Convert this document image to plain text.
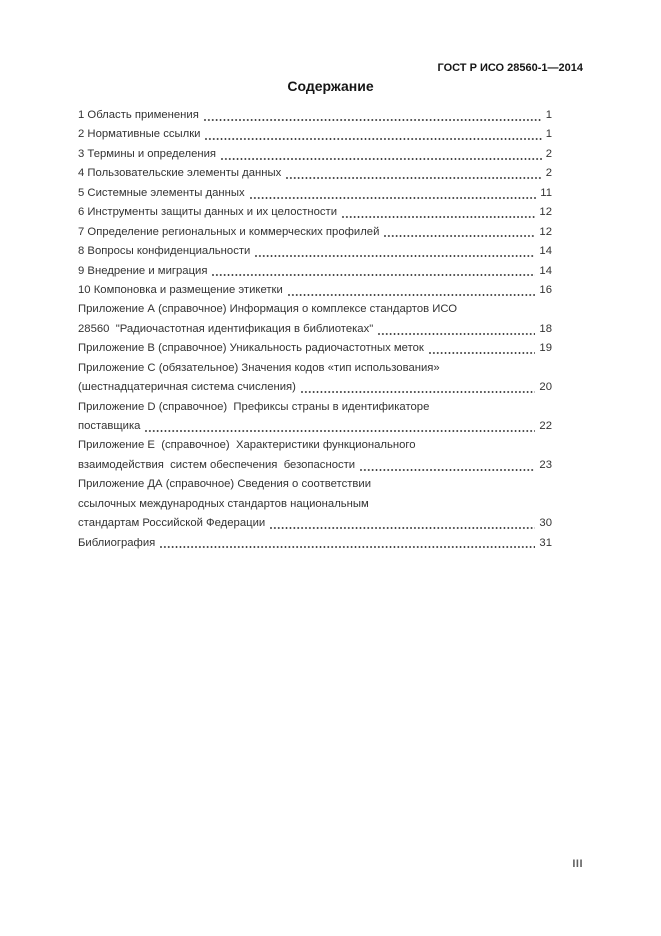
ГОСТ Р ИСО 28560-1—2014
Содержание
1 Область применения	1
2 Нормативные ссылки	1
3 Термины и определения	2
4 Пользовательские элементы данных	2
5 Системные элементы данных	11
6 Инструменты защиты данных и их целостности	12
7 Определение региональных и коммерческих профилей	12
8 Вопросы конфиденциальности	14
9 Внедрение и миграция	14
10 Компоновка и размещение этикетки	16
Приложение А (справочное) Информация о комплексе стандартов ИСО
28560  "Радиочастотная идентификация в библиотеках"	18
Приложение В (справочное) Уникальность радиочастотных меток	19
Приложение С (обязательное) Значения кодов «тип использования»
(шестнадцатеричная система счисления)	20
Приложение D (справочное)  Префиксы страны в идентификаторе
поставщика	22
Приложение Е  (справочное)  Характеристики функционального
взаимодействия  систем обеспечения  безопасности	23
Приложение ДА (справочное) Сведения о соответствии
ссылочных международных стандартов национальным
стандартам Российской Федерации	30
Библиография	31
III
